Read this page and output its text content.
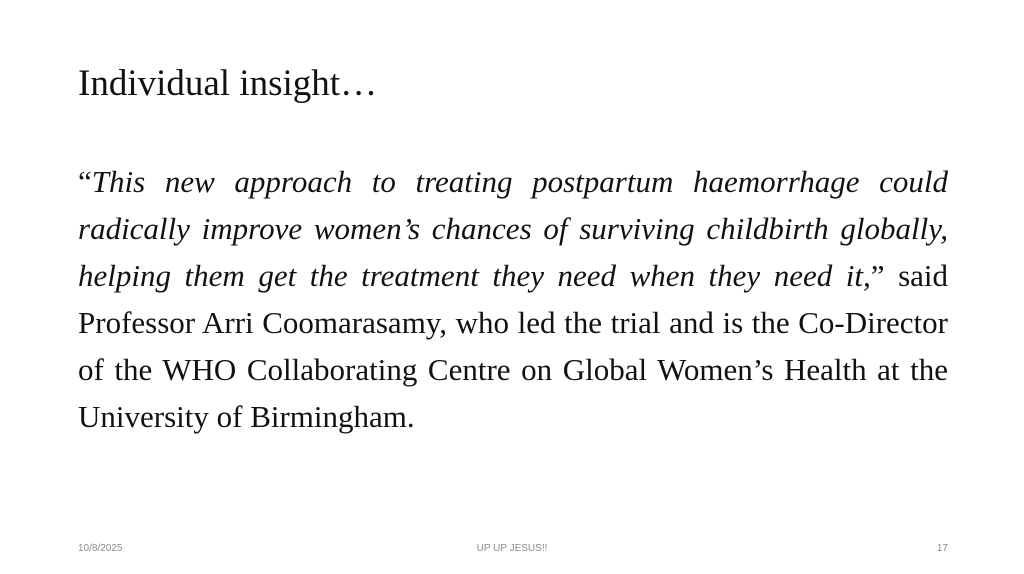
Individual insight…
“This new approach to treating postpartum haemorrhage could radically improve women’s chances of surviving childbirth globally, helping them get the treatment they need when they need it,” said Professor Arri Coomarasamy, who led the trial and is the Co-Director of the WHO Collaborating Centre on Global Women’s Health at the University of Birmingham.
UP UP JESUS!!
10/8/2025	17
